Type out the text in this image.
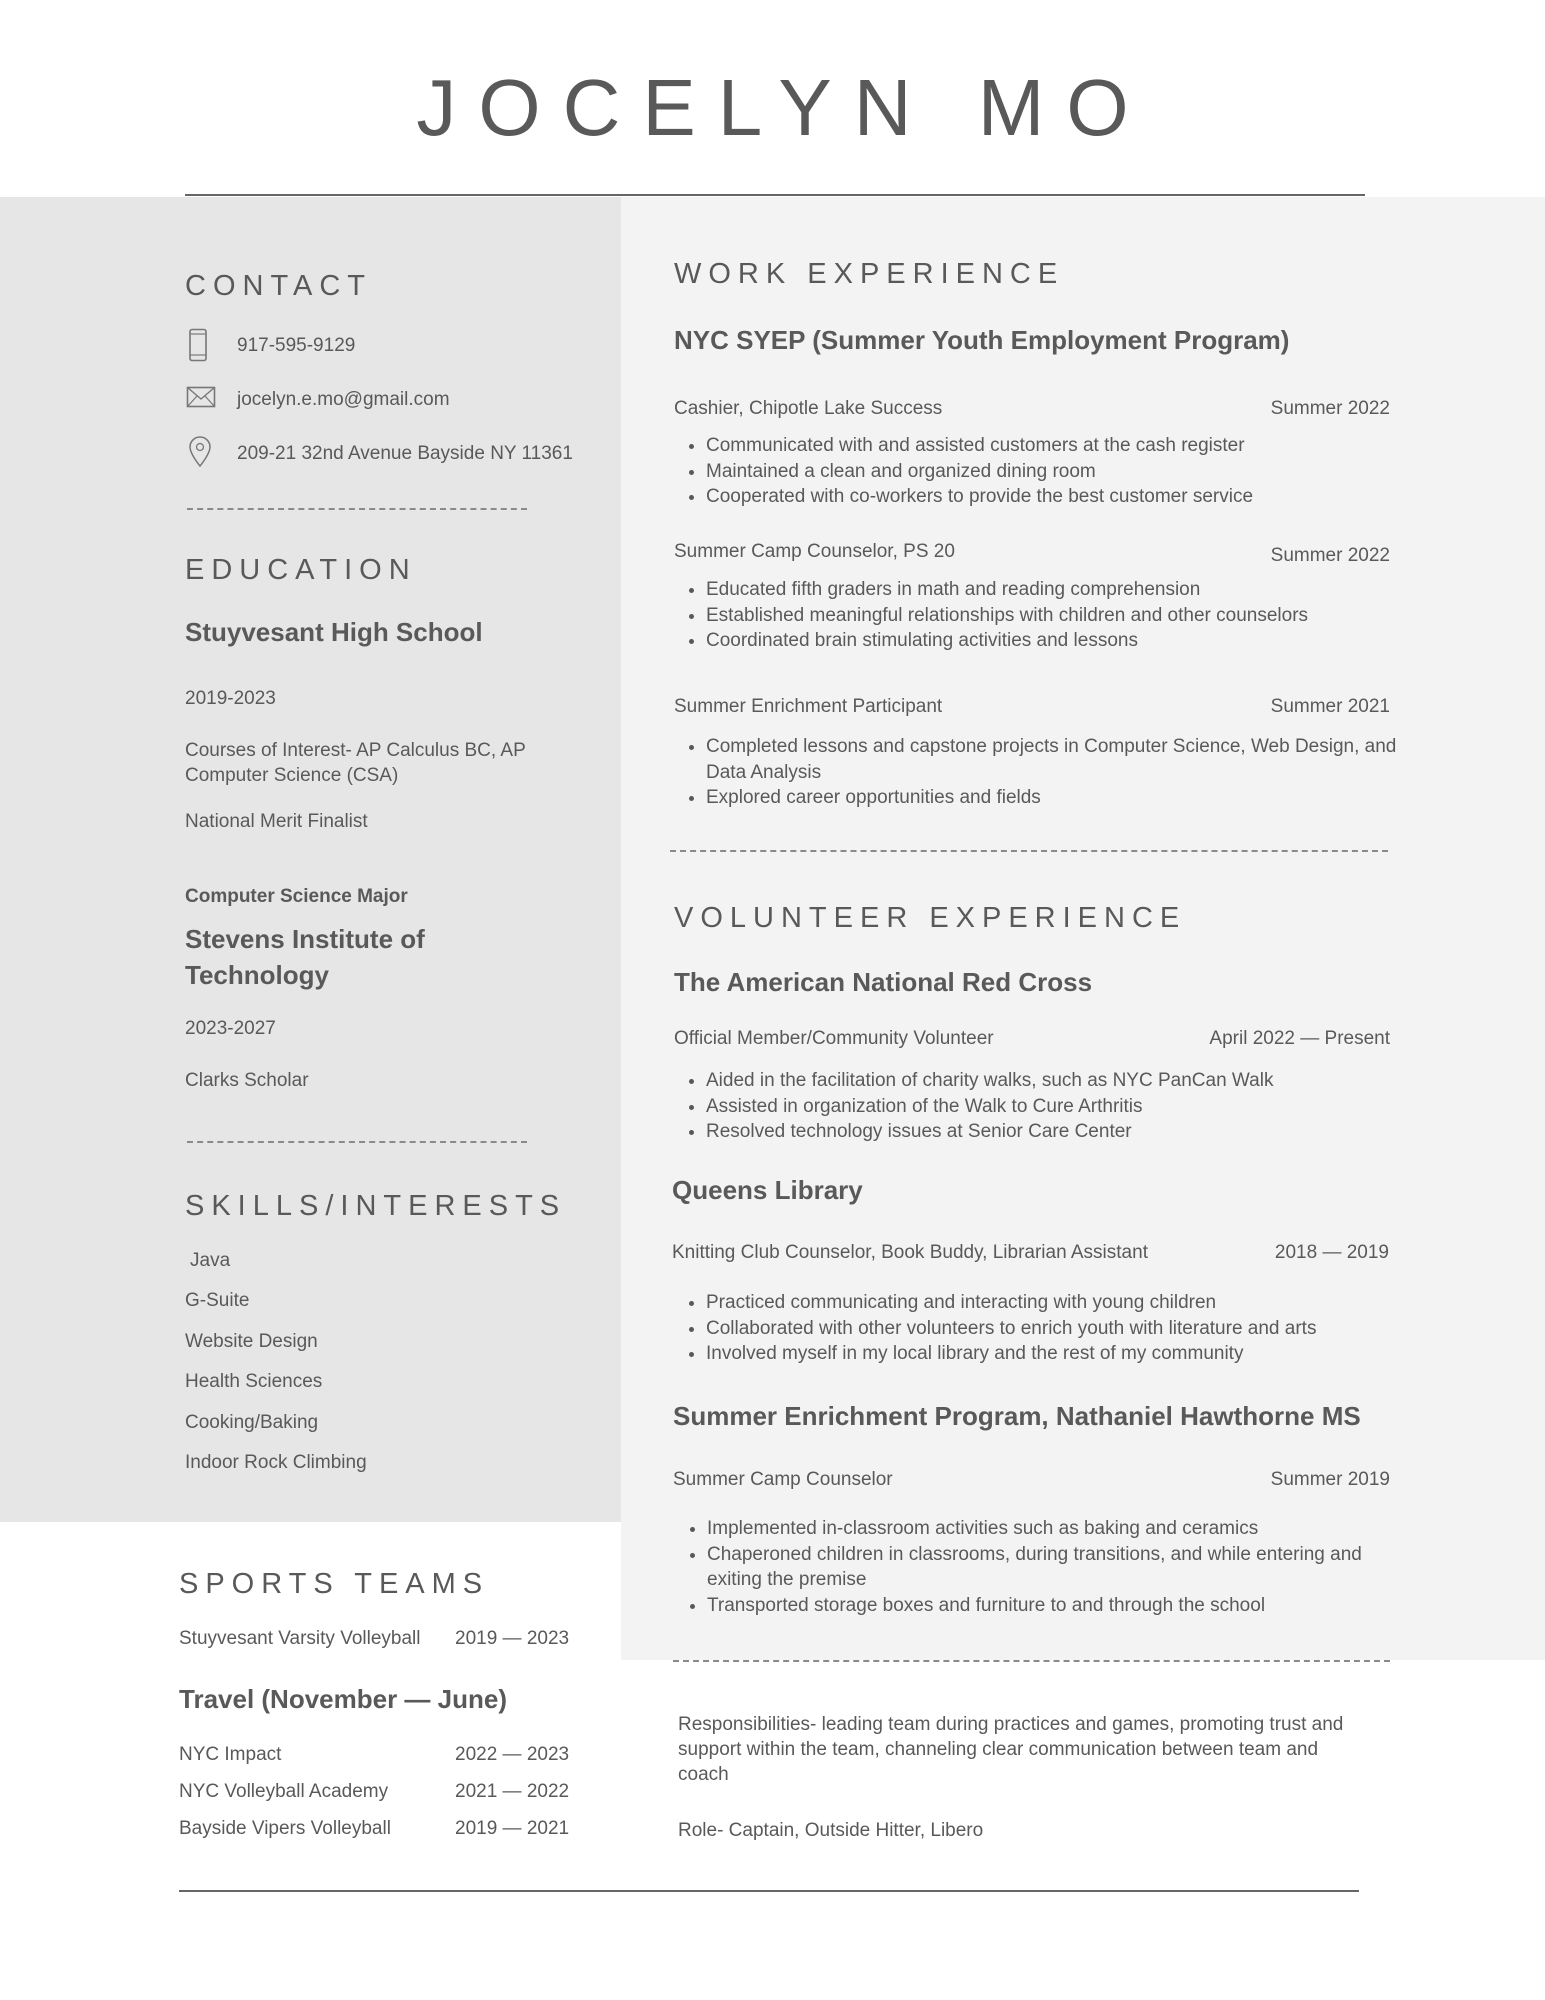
JOCELYN MO
CONTACT
917-595-9129
jocelyn.e.mo@gmail.com
209-21 32nd Avenue Bayside NY 11361
EDUCATION
Stuyvesant High School
2019-2023
Courses of Interest- AP Calculus BC, AP Computer Science (CSA)
National Merit Finalist
Computer Science Major
Stevens Institute of
Technology
2023-2027
Clarks Scholar
SKILLS/INTERESTS
Java
G-Suite
Website Design
Health Sciences
Cooking/Baking
Indoor Rock Climbing
SPORTS TEAMS
Stuyvesant Varsity Volleyball 2019 — 2023
Travel (November — June)
NYC Impact	2022 — 2023
NYC Volleyball Academy	2021 — 2022
Bayside Vipers Volleyball	2019 — 2021
Responsibilities- leading team during practices and games, promoting trust and support within the team, channeling clear communication between team and coach
Role- Captain, Outside Hitter, Libero
WORK EXPERIENCE
NYC SYEP (Summer Youth Employment Program)
Cashier, Chipotle Lake Success	Summer 2022
• Communicated with and assisted customers at the cash register
• Maintained a clean and organized dining room
• Cooperated with co-workers to provide the best customer service
Summer Camp Counselor, PS 20	Summer 2022
• Educated fifth graders in math and reading comprehension
• Established meaningful relationships with children and other counselors
• Coordinated brain stimulating activities and lessons
Summer Enrichment Participant	Summer 2021
• Completed lessons and capstone projects in Computer Science, Web Design, and Data Analysis
• Explored career opportunities and fields
VOLUNTEER EXPERIENCE
The American National Red Cross
Official Member/Community Volunteer	April 2022 — Present
• Aided in the facilitation of charity walks, such as NYC PanCan Walk
• Assisted in organization of the Walk to Cure Arthritis
• Resolved technology issues at Senior Care Center
Queens Library
Knitting Club Counselor, Book Buddy, Librarian Assistant	2018 — 2019
• Practiced communicating and interacting with young children
• Collaborated with other volunteers to enrich youth with literature and arts
• Involved myself in my local library and the rest of my community
Summer Enrichment Program, Nathaniel Hawthorne MS
Summer Camp Counselor	Summer 2019
• Implemented in-classroom activities such as baking and ceramics
• Chaperoned children in classrooms, during transitions, and while entering and exiting the premise
• Transported storage boxes and furniture to and through the school
